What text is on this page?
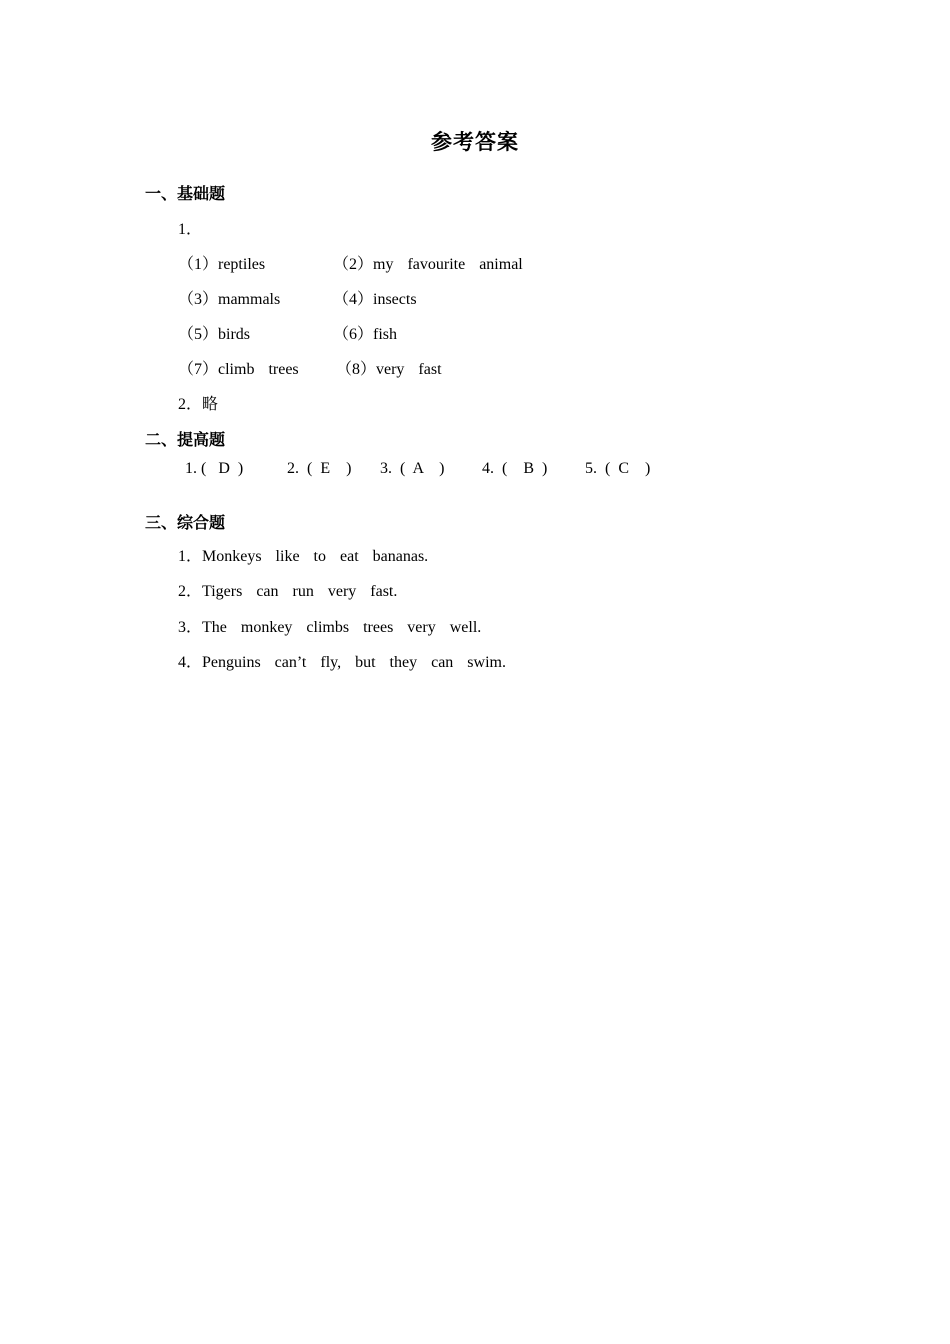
参考答案
一、基础题
1．
（1）reptiles	（2）my  favourite  animal
（3）mammals	（4）insects
（5）birds	（6）fish
（7）climb  trees （8）very  fast
2．略
二、提高题

1. (   D  )

	2.  (  E    )

3.  (  A    )

4.  (    B  )

5.  (  C    )

三、综合题
1．Monkeys  like  to  eat  bananas.
2．Tigers  can  run  very  fast.
3．The  monkey  climbs  trees  very  well.
4．Penguins  can’t  fly,  but  they  can  swim.
